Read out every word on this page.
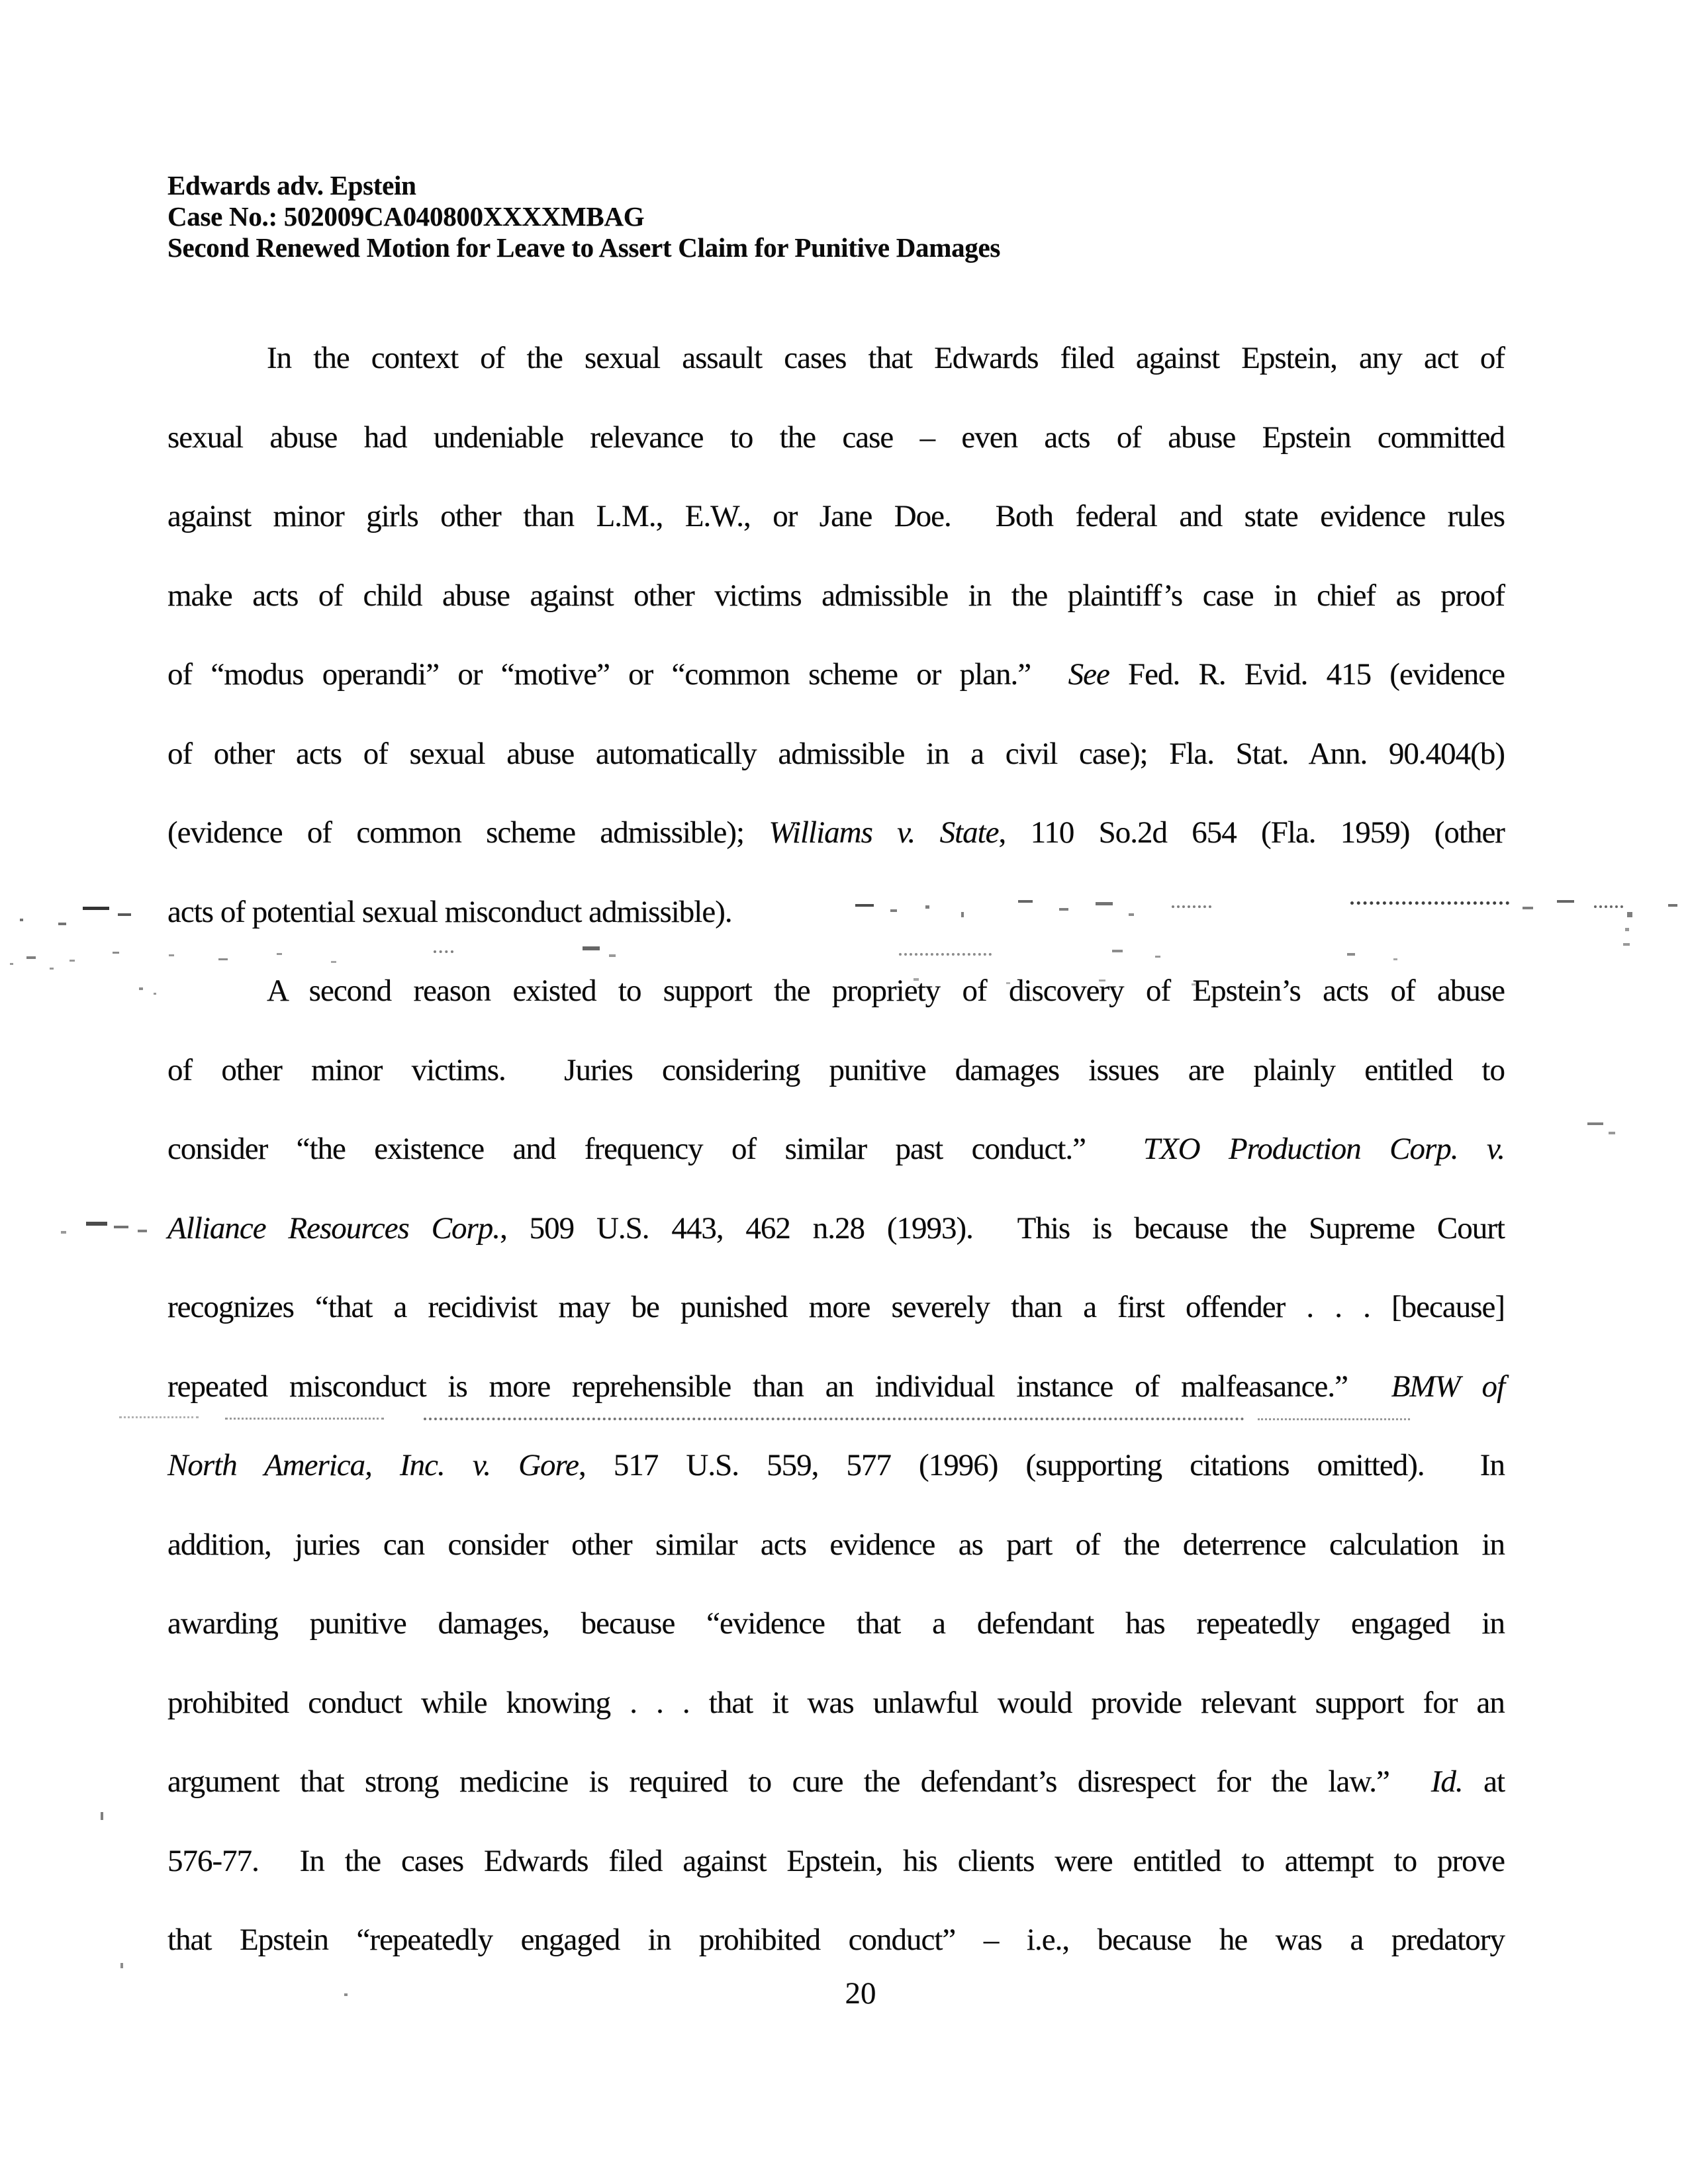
Edwards adv. Epstein
Case No.: 502009CA040800XXXXMBAG
Second Renewed Motion for Leave to Assert Claim for Punitive Damages
In the context of the sexual assault cases that Edwards filed against Epstein, any act of
sexual abuse had undeniable relevance to the case – even acts of abuse Epstein committed
against minor girls other than L.M., E.W., or Jane Doe.  Both federal and state evidence rules
make acts of child abuse against other victims admissible in the plaintiff’s case in chief as proof
of “modus operandi” or “motive” or “common scheme or plan.”  See Fed. R. Evid. 415 (evidence
of other acts of sexual abuse automatically admissible in a civil case); Fla. Stat. Ann. 90.404(b)
(evidence of common scheme admissible); Williams v. State, 110 So.2d 654 (Fla. 1959) (other
acts of potential sexual misconduct admissible).
A second reason existed to support the propriety of discovery of Epstein’s acts of abuse
of other minor victims.  Juries considering punitive damages issues are plainly entitled to
consider “the existence and frequency of similar past conduct.”  TXO Production Corp. v.
Alliance Resources Corp., 509 U.S. 443, 462 n.28 (1993).  This is because the Supreme Court
recognizes “that a recidivist may be punished more severely than a first offender . . . [because]
repeated misconduct is more reprehensible than an individual instance of malfeasance.”  BMW of
North America, Inc. v. Gore, 517 U.S. 559, 577 (1996) (supporting citations omitted).  In
addition, juries can consider other similar acts evidence as part of the deterrence calculation in
awarding punitive damages, because “evidence that a defendant has repeatedly engaged in
prohibited conduct while knowing . . . that it was unlawful would provide relevant support for an
argument that strong medicine is required to cure the defendant’s disrespect for the law.”  Id. at
576-77.  In the cases Edwards filed against Epstein, his clients were entitled to attempt to prove
that Epstein “repeatedly engaged in prohibited conduct” – i.e., because he was a predatory
20
